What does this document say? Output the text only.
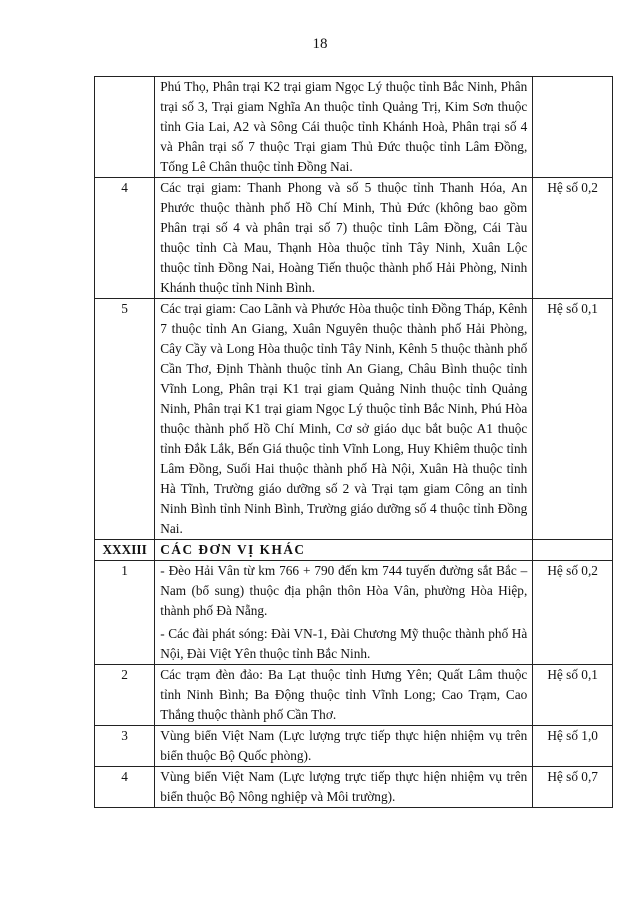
18

	Phú Thọ, Phân trại K2 trại giam Ngọc Lý thuộc tỉnh Bắc Ninh, Phân trại số 3, Trại giam Nghĩa An thuộc tỉnh Quảng Trị, Kim Sơn thuộc tỉnh Gia Lai, A2 và Sông Cái thuộc tỉnh Khánh Hoà, Phân trại số 4 và Phân trại số 7 thuộc Trại giam Thủ Đức thuộc tỉnh Lâm Đồng, Tống Lê Chân thuộc tỉnh Đồng Nai.	

4	Các trại giam: Thanh Phong và số 5 thuộc tỉnh Thanh Hóa, An Phước thuộc thành phố Hồ Chí Minh, Thủ Đức (không bao gồm Phân trại số 4 và phân trại số 7) thuộc tỉnh Lâm Đồng, Cái Tàu thuộc tỉnh Cà Mau, Thạnh Hòa thuộc tỉnh Tây Ninh, Xuân Lộc thuộc tỉnh Đồng Nai, Hoàng Tiến thuộc thành phố Hải Phòng, Ninh Khánh thuộc tỉnh Ninh Bình.	Hệ số 0,2
5	Các trại giam: Cao Lãnh và Phước Hòa thuộc tỉnh Đồng Tháp, Kênh 7 thuộc tỉnh An Giang, Xuân Nguyên thuộc thành phố Hải Phòng, Cây Cầy và Long Hòa thuộc tỉnh Tây Ninh, Kênh 5 thuộc thành phố Cần Thơ, Định Thành thuộc tỉnh An Giang, Châu Bình thuộc tỉnh Vĩnh Long, Phân trại K1 trại giam Quảng Ninh thuộc tỉnh Quảng Ninh, Phân trại K1 trại giam Ngọc Lý thuộc tỉnh Bắc Ninh, Phú Hòa thuộc thành phố Hồ Chí Minh, Cơ sở giáo dục bắt buộc A1 thuộc tỉnh Đắk Lắk, Bến Giá thuộc tỉnh Vĩnh Long, Huy Khiêm thuộc tỉnh Lâm Đồng, Suối Hai thuộc thành phố Hà Nội, Xuân Hà thuộc tỉnh Hà Tĩnh, Trường giáo dưỡng số 2 và Trại tạm giam Công an tỉnh Ninh Bình tỉnh Ninh Bình, Trường giáo dưỡng số 4 thuộc tỉnh Đồng Nai.	Hệ số 0,1
XXXIII	CÁC ĐƠN VỊ KHÁC	
1	- Đèo Hải Vân từ km 766 + 790 đến km 744 tuyến đường sắt Bắc – Nam (bổ sung) thuộc địa phận thôn Hòa Vân, phường Hòa Hiệp, thành phố Đà Nẵng.
- Các đài phát sóng: Đài VN-1, Đài Chương Mỹ thuộc thành phố Hà Nội, Đài Việt Yên thuộc tỉnh Bắc Ninh.	Hệ số 0,2
2	Các trạm đèn đảo: Ba Lạt thuộc tỉnh Hưng Yên; Quất Lâm thuộc tỉnh Ninh Bình; Ba Động thuộc tỉnh Vĩnh Long; Cao Trạm, Cao Thắng thuộc thành phố Cần Thơ.	Hệ số 0,1
3	Vùng biển Việt Nam (Lực lượng trực tiếp thực hiện nhiệm vụ trên biển thuộc Bộ Quốc phòng).	Hệ số 1,0
4	Vùng biển Việt Nam (Lực lượng trực tiếp thực hiện nhiệm vụ trên biển thuộc Bộ Nông nghiệp và Môi trường).	Hệ số 0,7
